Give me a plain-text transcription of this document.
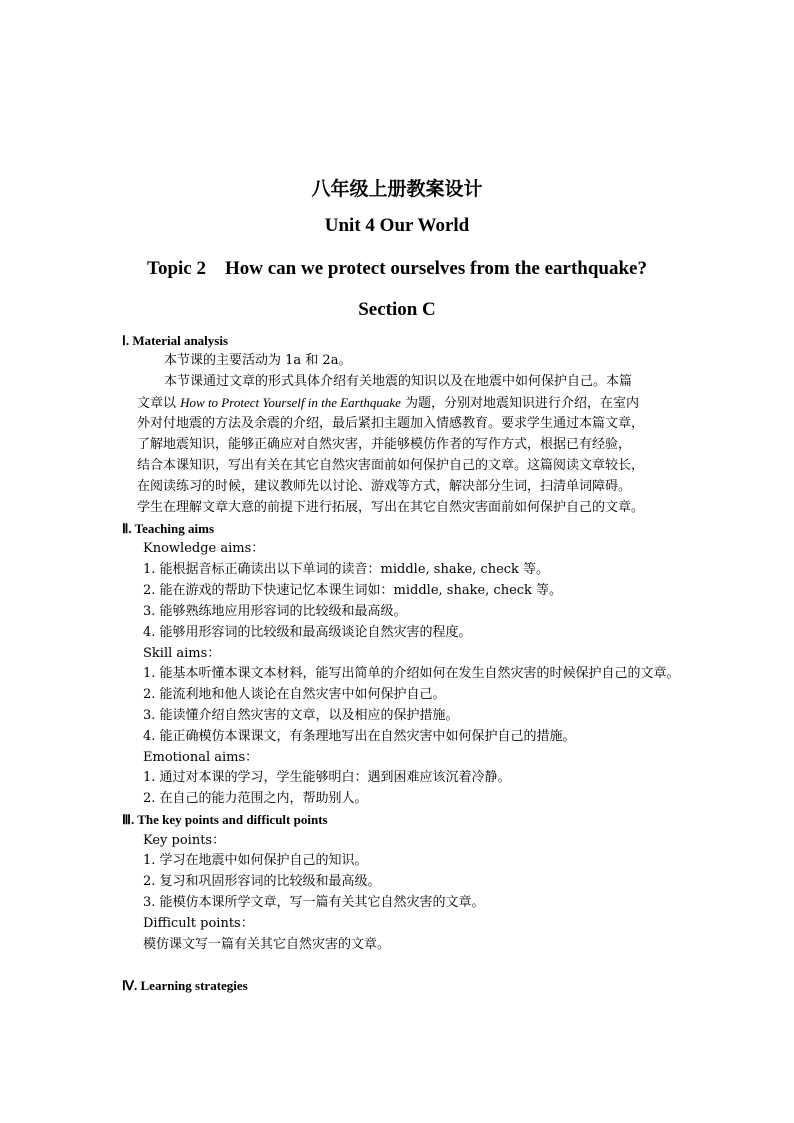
八年级上册教案设计
Unit 4 Our World
Topic 2    How can we protect ourselves from the earthquake?
Section C
Ⅰ. Material analysis
本节课的主要活动为 1a 和 2a。
本节课通过文章的形式具体介绍有关地震的知识以及在地震中如何保护自己。本篇
文章以 How to Protect Yourself in the Earthquake 为题，分别对地震知识进行介绍，在室内
外对付地震的方法及余震的介绍，最后紧扣主题加入情感教育。要求学生通过本篇文章，
了解地震知识，能够正确应对自然灾害，并能够模仿作者的写作方式，根据已有经验，
结合本课知识，写出有关在其它自然灾害面前如何保护自己的文章。这篇阅读文章较长，
在阅读练习的时候，建议教师先以讨论、游戏等方式，解决部分生词，扫清单词障碍。
学生在理解文章大意的前提下进行拓展，写出在其它自然灾害面前如何保护自己的文章。
Ⅱ. Teaching aims
Knowledge aims：
1. 能根据音标正确读出以下单词的读音：middle, shake, check 等。
2. 能在游戏的帮助下快速记忆本课生词如：middle, shake, check 等。
3. 能够熟练地应用形容词的比较级和最高级。
4. 能够用形容词的比较级和最高级谈论自然灾害的程度。
Skill aims：
1. 能基本听懂本课文本材料，能写出简单的介绍如何在发生自然灾害的时候保护自己的文章。
2. 能流利地和他人谈论在自然灾害中如何保护自己。
3. 能读懂介绍自然灾害的文章，以及相应的保护措施。
4. 能正确模仿本课课文，有条理地写出在自然灾害中如何保护自己的措施。
Emotional aims：
1. 通过对本课的学习，学生能够明白：遇到困难应该沉着冷静。
2. 在自己的能力范围之内，帮助别人。
Ⅲ. The key points and difficult points
Key points：
1. 学习在地震中如何保护自己的知识。
2. 复习和巩固形容词的比较级和最高级。
3. 能模仿本课所学文章，写一篇有关其它自然灾害的文章。
Difficult points：
模仿课文写一篇有关其它自然灾害的文章。
Ⅳ. Learning strategies
